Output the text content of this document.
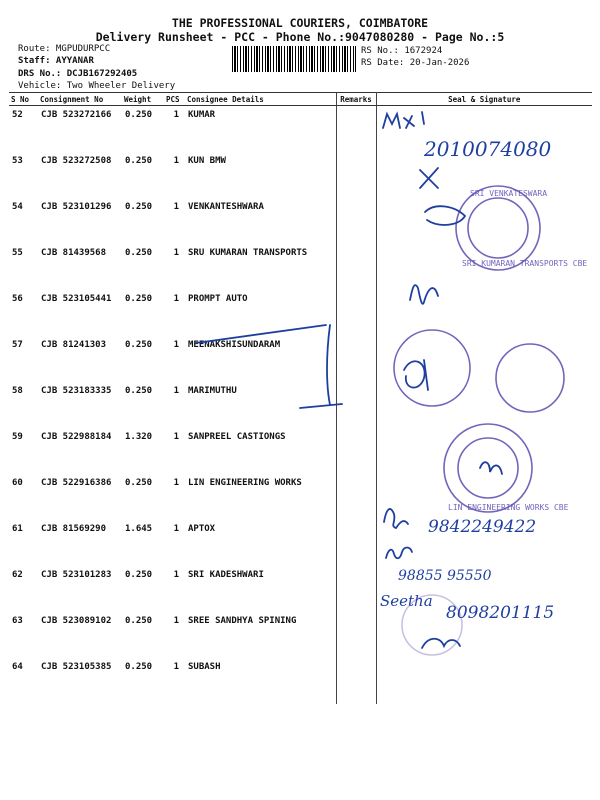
THE PROFESSIONAL COURIERS, COIMBATORE
Delivery Runsheet - PCC - Phone No.:9047080280 - Page No.:5
Route: MGPUDURPCC
Staff: AYYANAR
DRS No.: DCJB167292405
Vehicle: Two Wheeler Delivery
RS No.: 1672924
RS Date: 20-Jan-2026
S No	Consignment No	Weight	PCS	Consignee Details	Remarks	Seal & Signature
52	CJB 523272166	0.250	1	KUMAR		
53	CJB 523272508	0.250	1	KUN BMW		
54	CJB 523101296	0.250	1	VENKANTESHWARA		
55	CJB 81439568	0.250	1	SRU KUMARAN TRANSPORTS		
56	CJB 523105441	0.250	1	PROMPT AUTO		
57	CJB 81241303	0.250	1	MEENAKSHISUNDARAM		
58	CJB 523183335	0.250	1	MARIMUTHU		
59	CJB 522988184	1.320	1	SANPREEL CASTIONGS		
60	CJB 522916386	0.250	1	LIN ENGINEERING WORKS		
61	CJB 81569290	1.645	1	APTOX		
62	CJB 523101283	0.250	1	SRI KADESHWARI		
63	CJB 523089102	0.250	1	SREE SANDHYA SPINING		
64	CJB 523105385	0.250	1	SUBASH		
SRI VENKATESWARA
SRI KUMARAN TRANSPORTS CBE
LIN ENGINEERING WORKS CBE
2010074080
9842249422
98855 95550
Seetha
8098201115
